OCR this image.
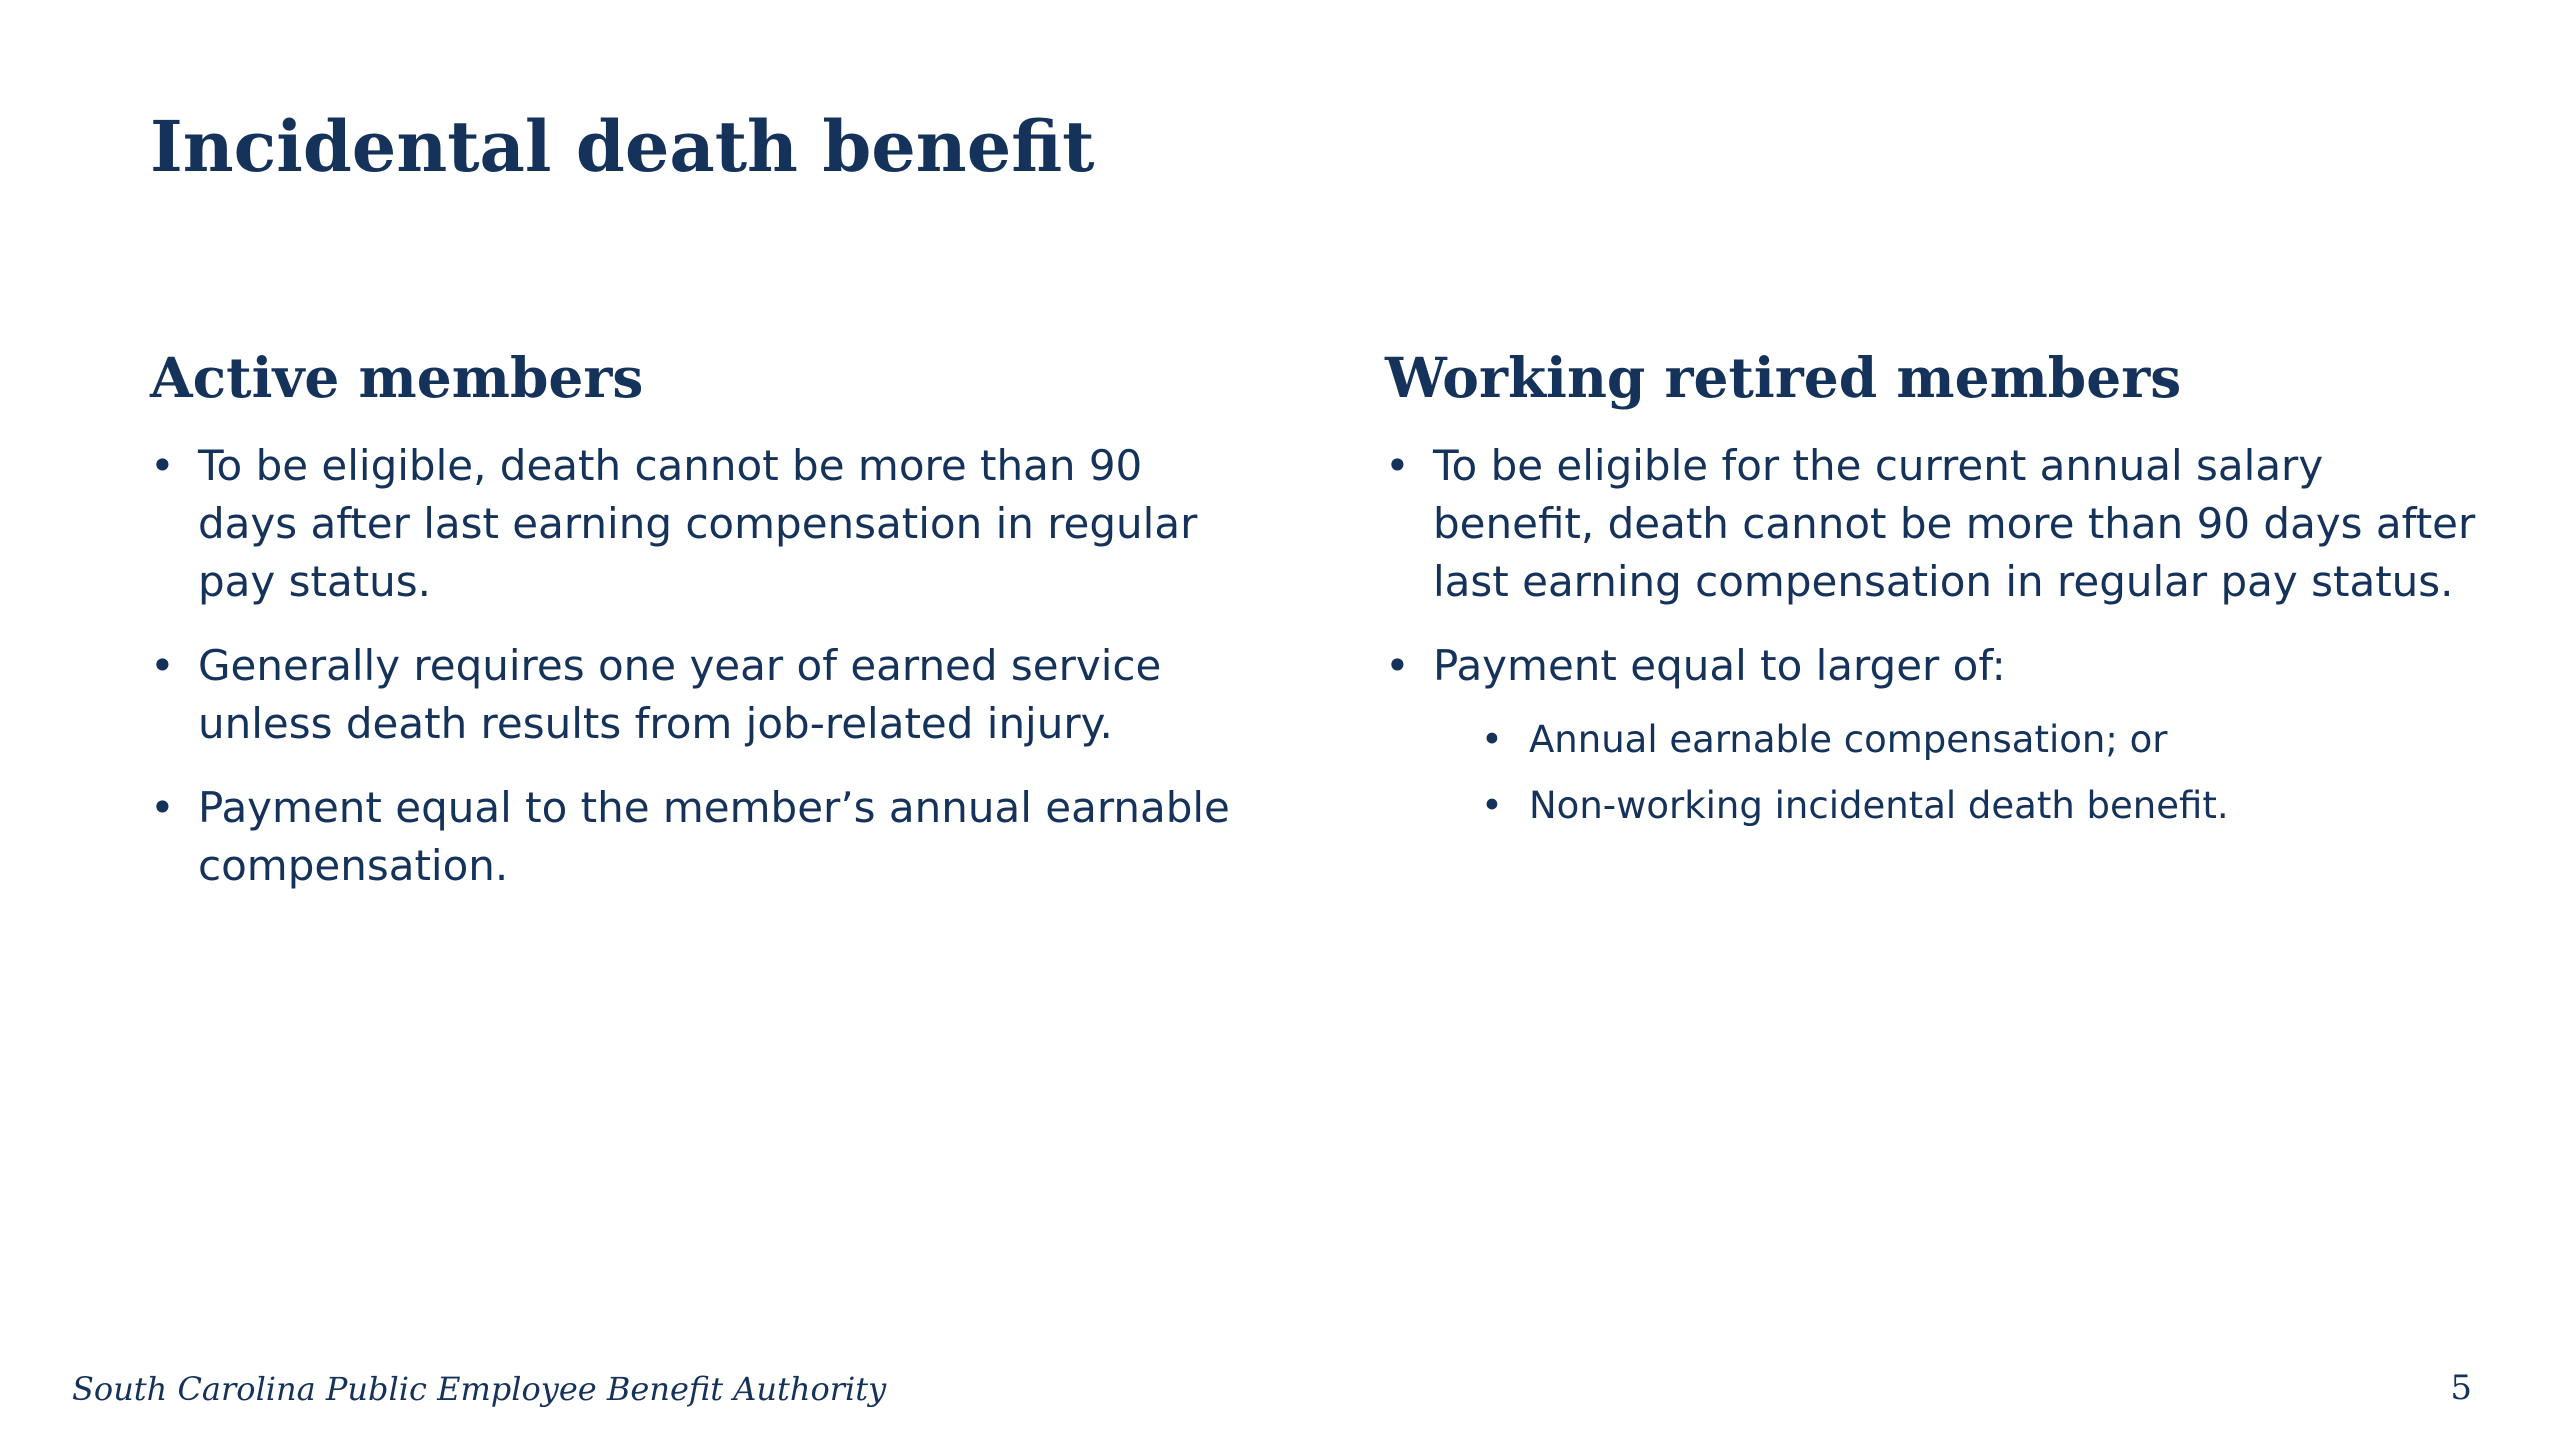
Incidental death benefit
Active members
• To be eligible, death cannot be more than 90 days after last earning compensation in regular pay status.
• Generally requires one year of earned service unless death results from job-related injury.
• Payment equal to the member’s annual earnable compensation.
Working retired members
• To be eligible for the current annual salary benefit, death cannot be more than 90 days after last earning compensation in regular pay status.
• Payment equal to larger of:
• Annual earnable compensation; or
• Non-working incidental death benefit.
South Carolina Public Employee Benefit Authority	5
